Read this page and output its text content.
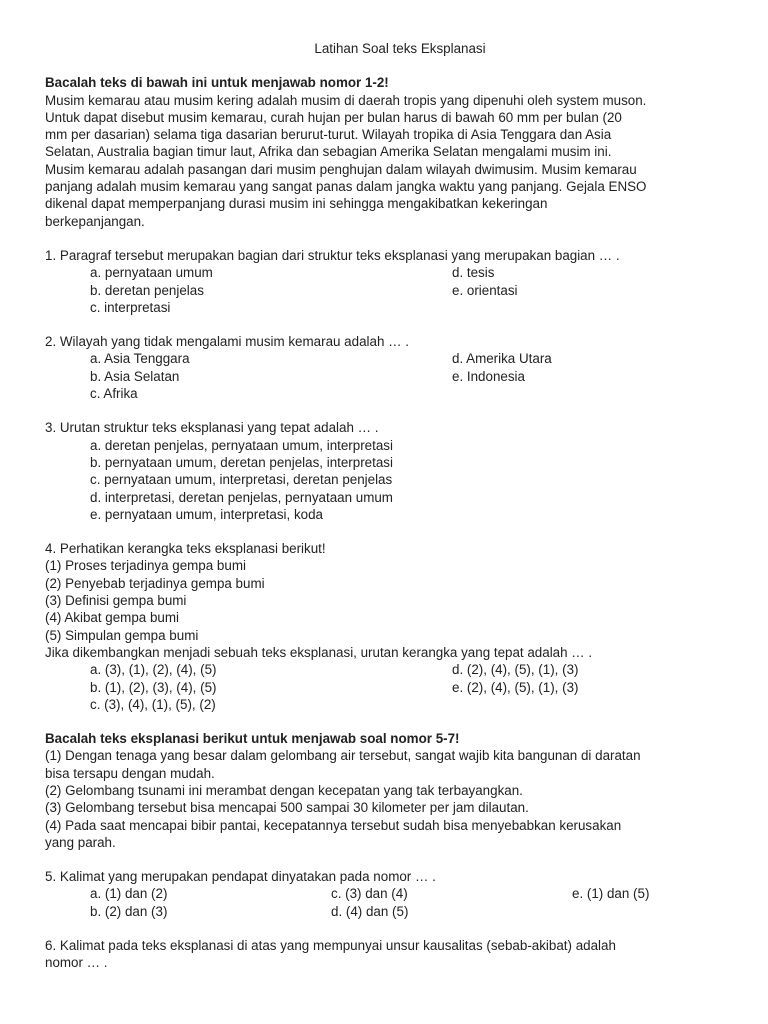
Latihan Soal teks Eksplanasi

Bacalah teks di bawah ini untuk menjawab nomor 1-2!

Musim kemarau atau musim kering adalah musim di daerah tropis yang dipenuhi oleh system muson.

Untuk dapat disebut musim kemarau, curah hujan per bulan harus di bawah 60 mm per bulan (20

mm per dasarian) selama tiga dasarian berurut-turut. Wilayah tropika di Asia Tenggara dan Asia

Selatan, Australia bagian timur laut, Afrika dan sebagian Amerika Selatan mengalami musim ini.

Musim kemarau adalah pasangan dari musim penghujan dalam wilayah dwimusim. Musim kemarau

panjang adalah musim kemarau yang sangat panas dalam jangka waktu yang panjang. Gejala ENSO

dikenal dapat memperpanjang durasi musim ini sehingga mengakibatkan kekeringan

berkepanjangan.

1. Paragraf tersebut merupakan bagian dari struktur teks eksplanasi yang merupakan bagian … .

a. pernyataan umum	d. tesis
b. deretan penjelas	e. orientasi
c. interpretasi

2. Wilayah yang tidak mengalami musim kemarau adalah … .

a. Asia Tenggara	d. Amerika Utara
b. Asia Selatan	e. Indonesia
c. Afrika

3. Urutan struktur teks eksplanasi yang tepat adalah … .

a. deretan penjelas, pernyataan umum, interpretasi
b. pernyataan umum, deretan penjelas, interpretasi
c. pernyataan umum, interpretasi, deretan penjelas
d. interpretasi, deretan penjelas, pernyataan umum
e. pernyataan umum, interpretasi, koda

4. Perhatikan kerangka teks eksplanasi berikut!

(1) Proses terjadinya gempa bumi

(2) Penyebab terjadinya gempa bumi

(3) Definisi gempa bumi

(4) Akibat gempa bumi

(5) Simpulan gempa bumi

Jika dikembangkan menjadi sebuah teks eksplanasi, urutan kerangka yang tepat adalah … .

a. (3), (1), (2), (4), (5)	d. (2), (4), (5), (1), (3)
b. (1), (2), (3), (4), (5)	e. (2), (4), (5), (1), (3)
c. (3), (4), (1), (5), (2)

Bacalah teks eksplanasi berikut untuk menjawab soal nomor 5-7!

(1) Dengan tenaga yang besar dalam gelombang air tersebut, sangat wajib kita bangunan di daratan

bisa tersapu dengan mudah.

(2) Gelombang tsunami ini merambat dengan kecepatan yang tak terbayangkan.

(3) Gelombang tersebut bisa mencapai 500 sampai 30 kilometer per jam dilautan.

(4) Pada saat mencapai bibir pantai, kecepatannya tersebut sudah bisa menyebabkan kerusakan

yang parah.

5. Kalimat yang merupakan pendapat dinyatakan pada nomor … .

a. (1) dan (2)	c. (3) dan (4)	e. (1) dan (5)
b. (2) dan (3)	d. (4) dan (5)

6. Kalimat pada teks eksplanasi di atas yang mempunyai unsur kausalitas (sebab-akibat) adalah

nomor … .
